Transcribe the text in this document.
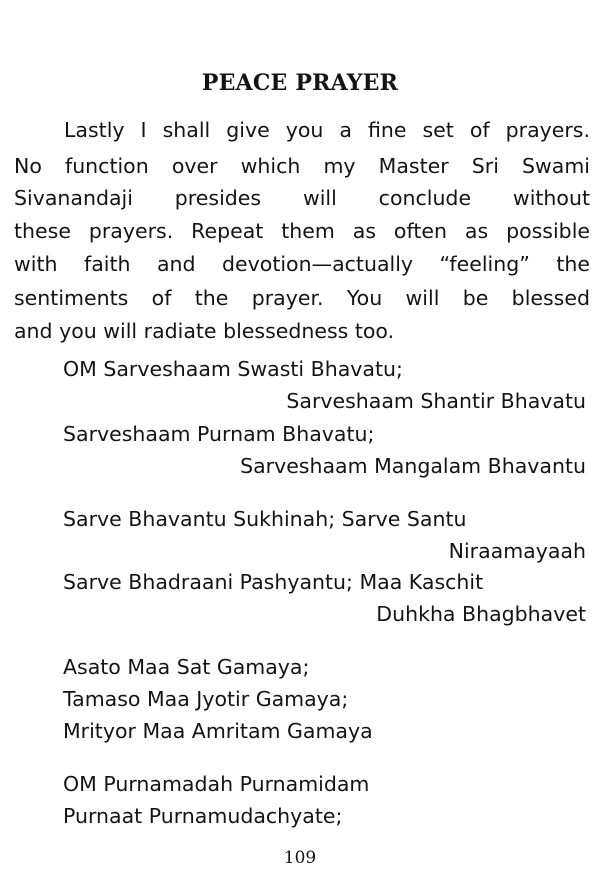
PEACE PRAYER
Lastly I shall give you a fine set of prayers.
No function over which my Master Sri Swami
Sivanandaji presides will conclude without
these prayers. Repeat them as often as possible
with faith and devotion—actually “feeling” the
sentiments of the prayer. You will be blessed
and you will radiate blessedness too.
OM Sarveshaam Swasti Bhavatu;
Sarveshaam Shantir Bhavatu
Sarveshaam Purnam Bhavatu;
Sarveshaam Mangalam Bhavantu
Sarve Bhavantu Sukhinah; Sarve Santu
Niraamayaah
Sarve Bhadraani Pashyantu; Maa Kaschit
Duhkha Bhagbhavet
Asato Maa Sat Gamaya;
Tamaso Maa Jyotir Gamaya;
Mrityor Maa Amritam Gamaya
OM Purnamadah Purnamidam
Purnaat Purnamudachyate;
109
